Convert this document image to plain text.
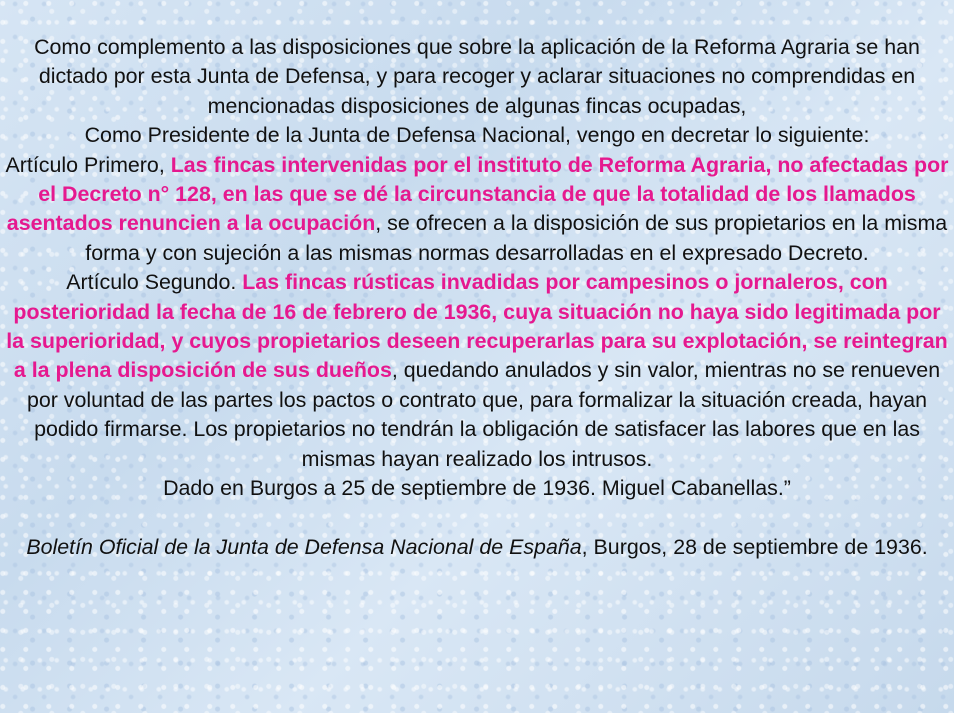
Como complemento a las disposiciones que sobre la aplicación de la Reforma Agraria se han dictado por esta Junta de Defensa, y para recoger y aclarar situaciones no comprendidas en mencionadas disposiciones de algunas fincas ocupadas,

Como Presidente de la Junta de Defensa Nacional, vengo en decretar lo siguiente:

Artículo Primero, Las fincas intervenidas por el instituto de Reforma Agraria, no afectadas por el Decreto n° 128, en las que se dé la circunstancia de que la totalidad de los llamados asentados renuncien a la ocupación, se ofrecen a la disposición de sus propietarios en la misma forma y con sujeción a las mismas normas desarrolladas en el expresado Decreto.

Artículo Segundo. Las fincas rústicas invadidas por campesinos o jornaleros, con posterioridad la fecha de 16 de febrero de 1936, cuya situación no haya sido legitimada por la superioridad, y cuyos propietarios deseen recuperarlas para su explotación, se reintegran a la plena disposición de sus dueños, quedando anulados y sin valor, mientras no se renueven por voluntad de las partes los pactos o contrato que, para formalizar la situación creada, hayan podido firmarse. Los propietarios no tendrán la obligación de satisfacer las labores que en las mismas hayan realizado los intrusos.

Dado en Burgos a 25 de septiembre de 1936. Miguel Cabanellas.”

Boletín Oficial de la Junta de Defensa Nacional de España, Burgos, 28 de septiembre de 1936.
